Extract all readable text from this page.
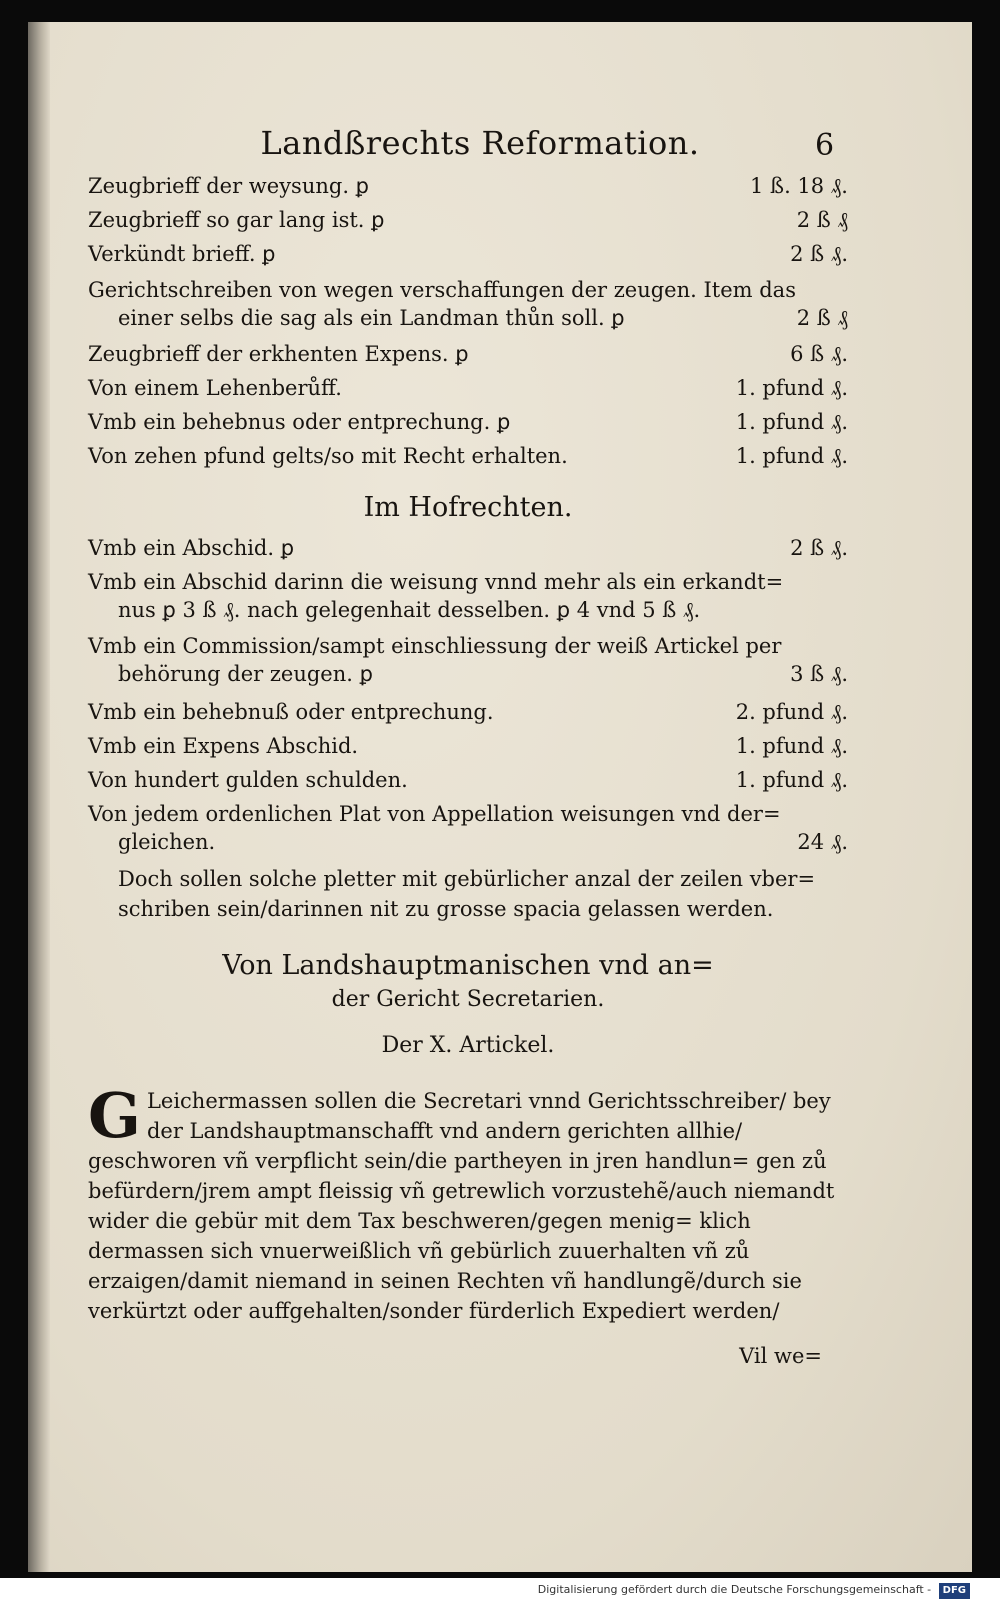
Landßrechts Reformation.	6
Zeugbrieff der weysung. ꝑ	1 ß. 18 ₰.
Zeugbrieff so gar lang ist. ꝑ	2 ß ₰
Verkündt brieff. ꝑ	2 ß ₰.
Gerichtschreiben von wegen verschaffungen der zeugen. Item das
einer selbs die sag als ein Landman thůn soll. ꝑ	2 ß ₰
Zeugbrieff der erkhenten Expens. ꝑ	6 ß ₰.
Von einem Lehenberůff.	1. pfund ₰.
Vmb ein behebnus oder entprechung. ꝑ	1. pfund ₰.
Von zehen pfund gelts/so mit Recht erhalten.	1. pfund ₰.
Im Hofrechten.
Vmb ein Abschid. ꝑ	2 ß ₰.
Vmb ein Abschid darinn die weisung vnnd mehr als ein erkandt=
nus ꝑ 3 ß ₰. nach gelegenhait desselben. ꝑ 4 vnd 5 ß ₰.
Vmb ein Commission/sampt einschliessung der weiß Artickel per
behörung der zeugen. ꝑ	3 ß ₰.
Vmb ein behebnuß oder entprechung.	2. pfund ₰.
Vmb ein Expens Abschid.	1. pfund ₰.
Von hundert gulden schulden.	1. pfund ₰.
Von jedem ordenlichen Plat von Appellation weisungen vnd der=
gleichen.	24 ₰.
Doch sollen solche pletter mit gebürlicher anzal der zeilen vber= schriben sein/darinnen nit zu grosse spacia gelassen werden.
Von Landshauptmanischen vnd an=
der Gericht Secretarien.
Der X. Artickel.
G Leichermassen sollen die Secretari vnnd Gerichtsschreiber/ bey der Landshauptmanschafft vnd andern gerichten allhie/ geschworen vñ verpflicht sein/die partheyen in jren handlun= gen zů befürdern/jrem ampt fleissig vñ getrewlich vorzustehẽ/auch niemandt wider die gebür mit dem Tax beschweren/gegen menig= klich dermassen sich vnuerweißlich vñ gebürlich zuuerhalten vñ zů erzaigen/damit niemand in seinen Rechten vñ handlungẽ/durch sie verkürtzt oder auffgehalten/sonder fürderlich Expediert werden/
Vil we=
Digitalisierung gefördert durch die Deutsche Forschungsgemeinschaft - DFG
